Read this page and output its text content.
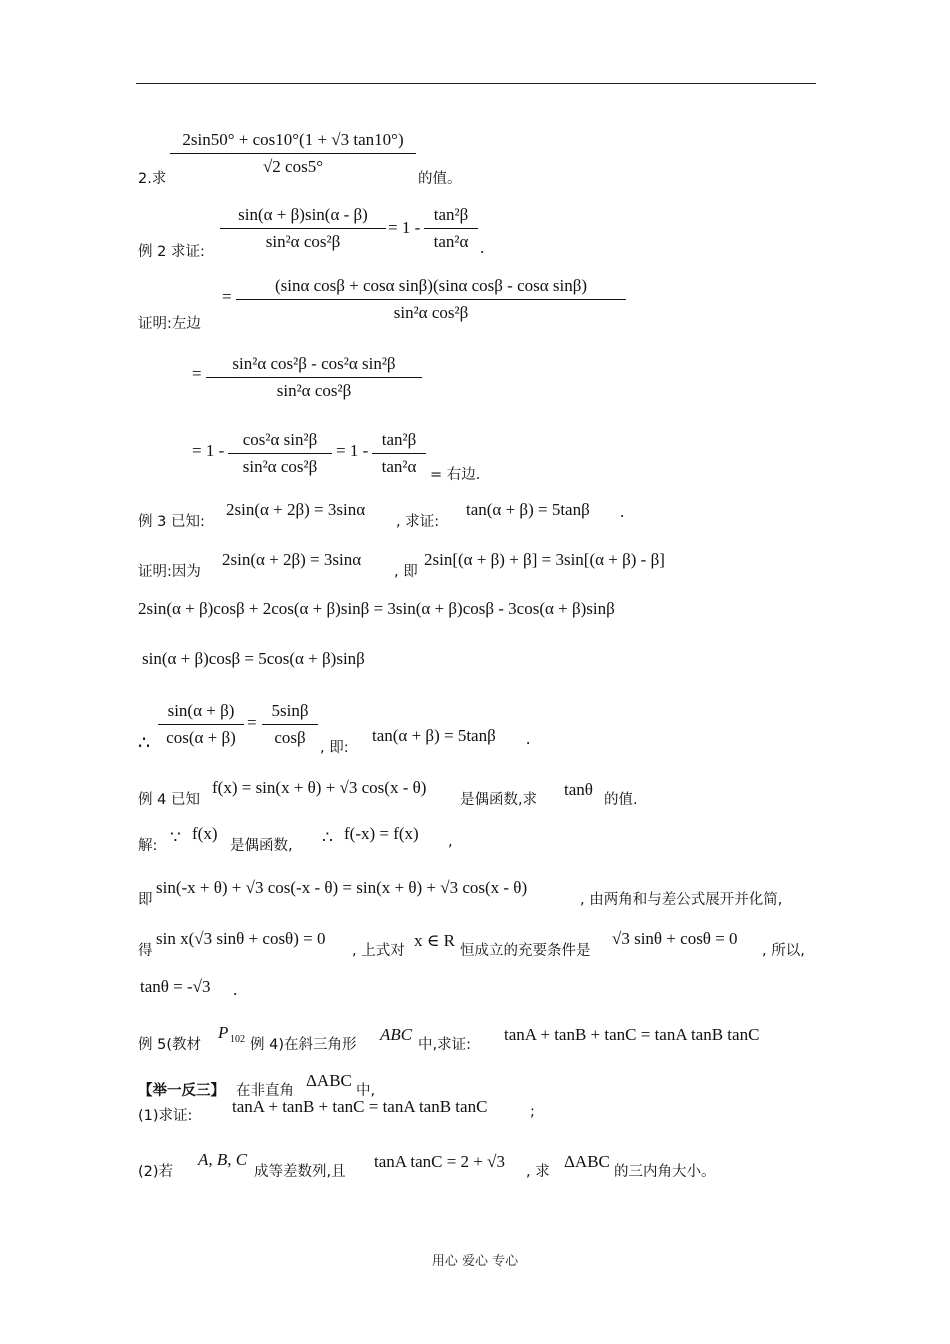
2sin50° + cos10°(1 + √3 tan10°)
√2 cos5°
2.求	的值。
例 2 求证:
sin(α + β)sin(α - β)
sin²α cos²β
= 1 -
tan²β
tan²α .
证明:左边
=
(sinα cosβ + cosα sinβ)(sinα cosβ - cosα sinβ)
sin²α cos²β
=
sin²α cos²β - cos²α sin²β
sin²α cos²β
= 1 -
cos²α sin²β
sin²α cos²β
= 1 -
tan²β
tan²α = 右边.
例 3 已知:
2sin(α + 2β) = 3sinα
, 求证:
tan(α + β) = 5tanβ .
证明:因为
2sin(α + 2β) = 3sinα
, 即
2sin[(α + β) + β] = 3sin[(α + β) - β]
2sin(α + β)cosβ + 2cos(α + β)sinβ = 3sin(α + β)cosβ - 3cos(α + β)sinβ
sin(α + β)cosβ = 5cos(α + β)sinβ
∴
sin(α + β)
cos(α + β)
=
5sinβ
cosβ
, 即:
tan(α + β) = 5tanβ .
例 4 已知
f(x) = sin(x + θ) + √3 cos(x - θ)
是偶函数,求
tanθ
的值.
解: ∵ f(x)
是偶函数, ∴ f(-x) = f(x) ,
即
sin(-x + θ) + √3 cos(-x - θ) = sin(x + θ) + √3 cos(x - θ)
, 由两角和与差公式展开并化简,
得
sin x(√3 sinθ + cosθ) = 0
, 上式对
x ∈ R
恒成立的充要条件是
√3 sinθ + cosθ = 0
, 所以,
tanθ = -√3 .
例 5(教材
P 102 例 4)在斜三角形
ABC
中,求证:
tanA + tanB + tanC = tanA tanB tanC
【举一反三】 在非直角
ΔABC
中,
(1)求证: tanA + tanB + tanC = tanA tanB tanC	;
(2)若
A, B, C
成等差数列,且
tanA tanC = 2 + √3
, 求
ΔABC
的三内角大小。
用心 爱心 专心
